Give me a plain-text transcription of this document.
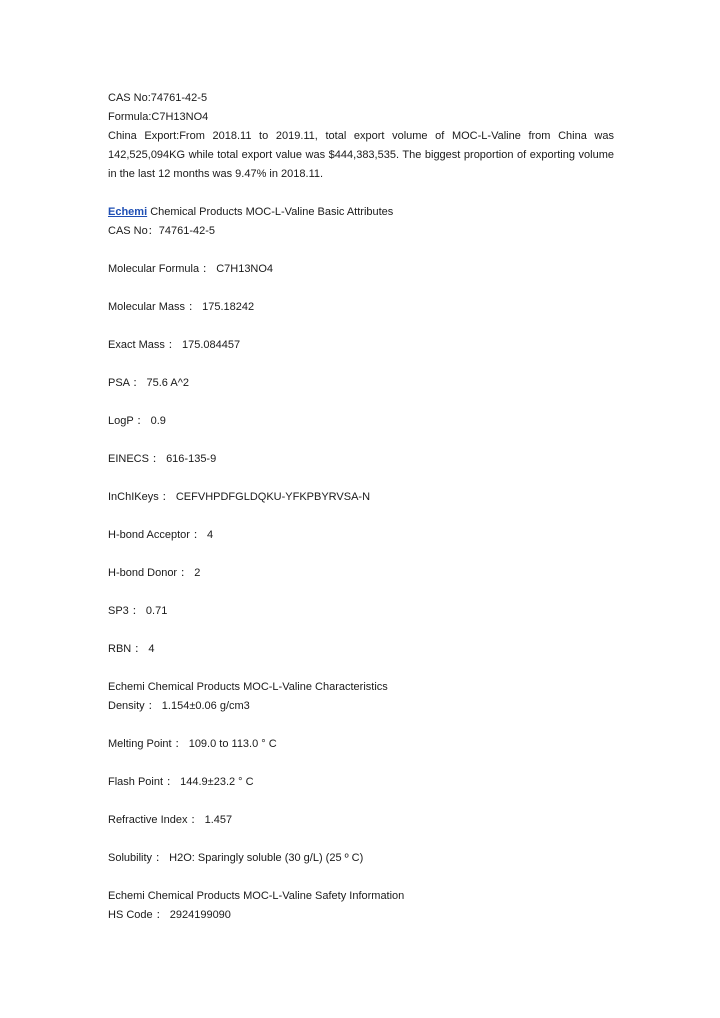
CAS No:74761-42-5
Formula:C7H13NO4
China Export:From 2018.11 to 2019.11, total export volume of MOC-L-Valine from China was 142,525,094KG while total export value was $444,383,535. The biggest proportion of exporting volume in the last 12 months was 9.47% in 2018.11.
Echemi Chemical Products MOC-L-Valine Basic Attributes
CAS No：74761-42-5
Molecular Formula ： C7H13NO4
Molecular Mass ： 175.18242
Exact Mass ： 175.084457
PSA ： 75.6 A^2
LogP ： 0.9
EINECS ： 616-135-9
InChIKeys ： CEFVHPDFGLDQKU-YFKPBYRVSA-N
H-bond Acceptor ： 4
H-bond Donor ： 2
SP3 ： 0.71
RBN ： 4
Echemi Chemical Products MOC-L-Valine Characteristics
Density ： 1.154±0.06 g/cm3
Melting Point ： 109.0 to 113.0 ° C
Flash Point ： 144.9±23.2 ° C
Refractive Index ： 1.457
Solubility ： H2O: Sparingly soluble (30 g/L) (25 º C)
Echemi Chemical Products MOC-L-Valine Safety Information
HS Code ： 2924199090
